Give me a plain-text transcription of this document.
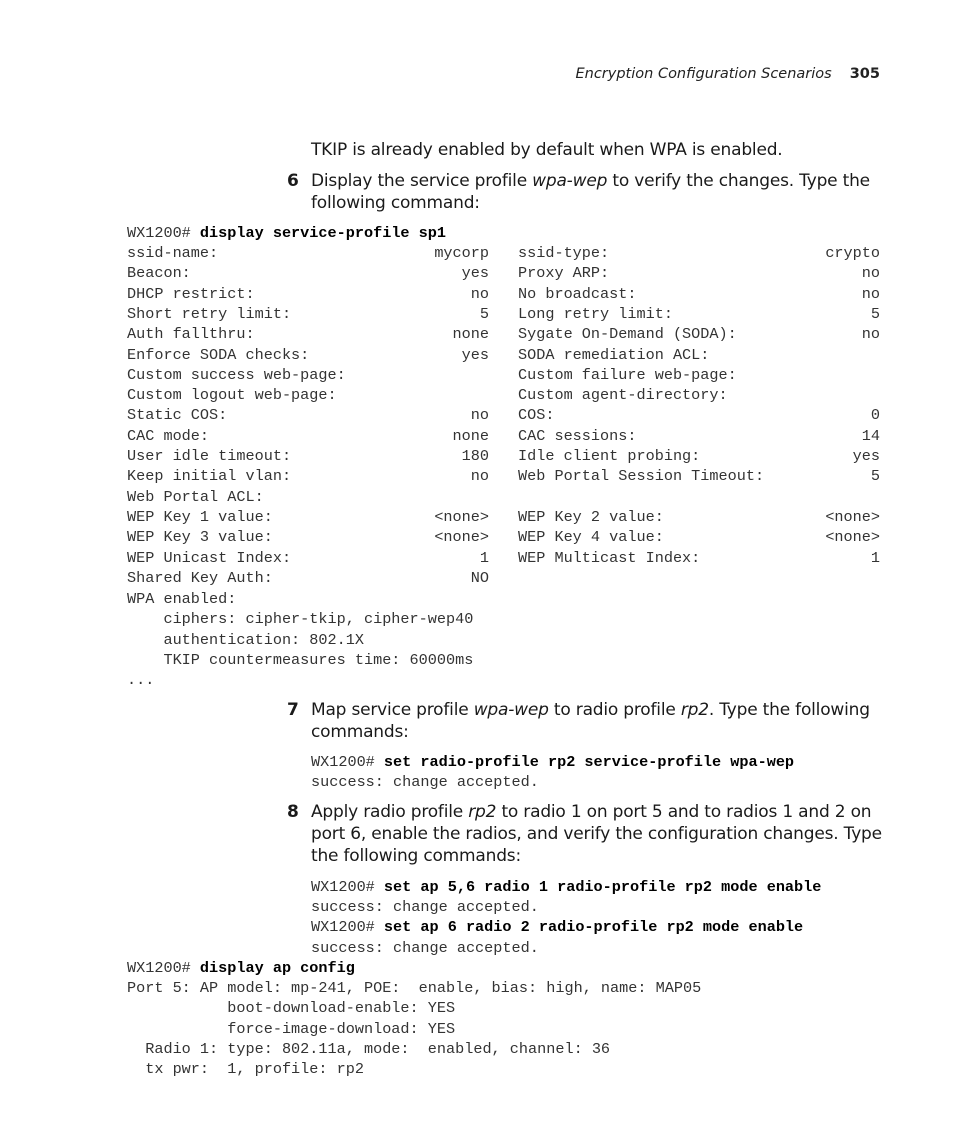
Encryption Configuration Scenarios 305
TKIP is already enabled by default when WPA is enabled.
6 Display the service profile wpa-wep to verify the changes. Type the following command:
WX1200# display service-profile sp1
ssid-name:	mycorp ssid-type:	crypto
Beacon:	yes Proxy ARP:	no
DHCP restrict:	no No broadcast:	no
Short retry limit:	5 Long retry limit:	5
Auth fallthru:	none Sygate On-Demand (SODA):	no
Enforce SODA checks:	yes SODA remediation ACL:
Custom success web-page:	Custom failure web-page:
Custom logout web-page:	Custom agent-directory:
Static COS:	no COS:	0
CAC mode:	none CAC sessions:	14
User idle timeout:	180 Idle client probing:	yes
Keep initial vlan:	no Web Portal Session Timeout:	5
Web Portal ACL:
WEP Key 1 value:	<none> WEP Key 2 value:	<none>
WEP Key 3 value:	<none> WEP Key 4 value:	<none>
WEP Unicast Index:	1 WEP Multicast Index:	1
Shared Key Auth:	NO
WPA enabled:
ciphers: cipher-tkip, cipher-wep40
authentication: 802.1X
TKIP countermeasures time: 60000ms
...
7 Map service profile wpa-wep to radio profile rp2. Type the following commands:
WX1200# set radio-profile rp2 service-profile wpa-wep
success: change accepted.
8 Apply radio profile rp2 to radio 1 on port 5 and to radios 1 and 2 on port 6, enable the radios, and verify the configuration changes. Type the following commands:
WX1200# set ap 5,6 radio 1 radio-profile rp2 mode enable
success: change accepted.
WX1200# set ap 6 radio 2 radio-profile rp2 mode enable
success: change accepted.
WX1200# display ap config
Port 5: AP model: mp-241, POE:  enable, bias: high, name: MAP05
boot-download-enable: YES
force-image-download: YES
Radio 1: type: 802.11a, mode:  enabled, channel: 36
tx pwr:  1, profile: rp2
